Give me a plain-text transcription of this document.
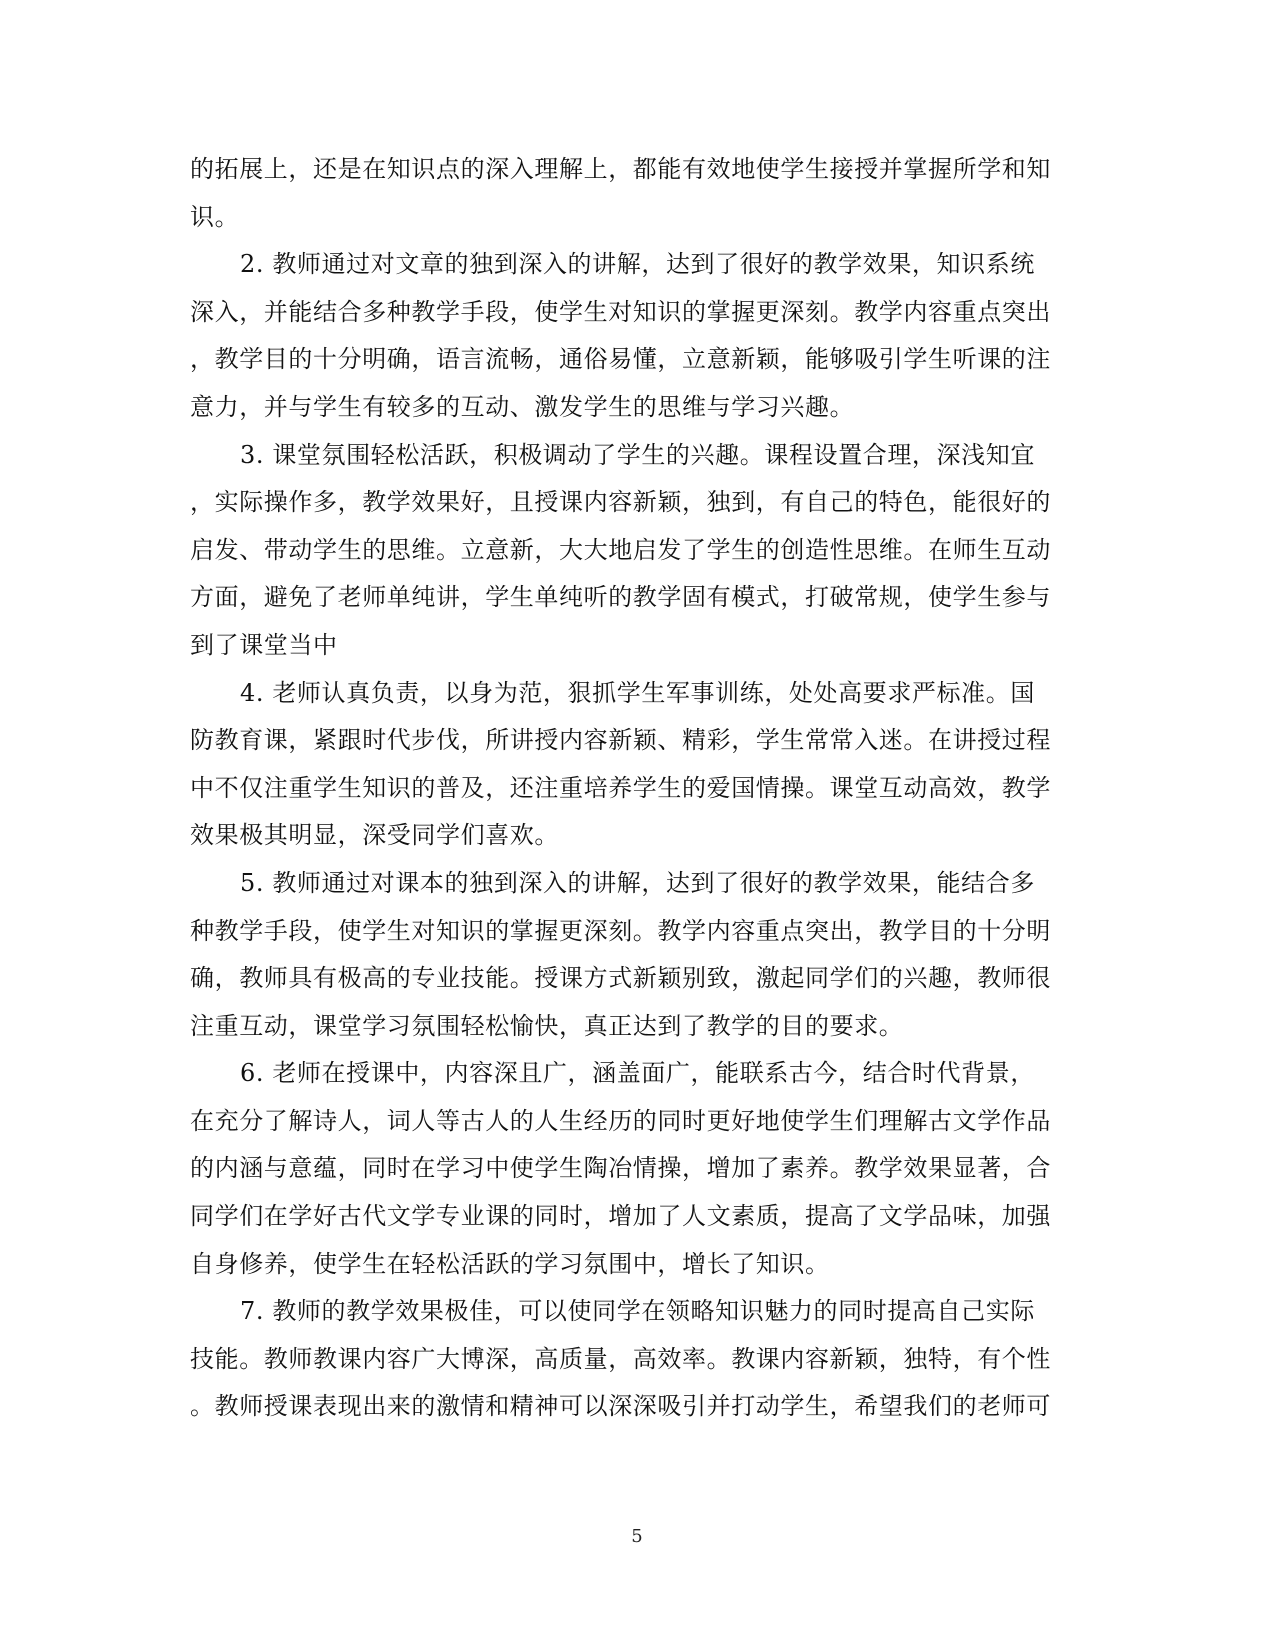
的拓展上，还是在知识点的深入理解上，都能有效地使学生接授并掌握所学和知
识。
2. 教师通过对文章的独到深入的讲解，达到了很好的教学效果，知识系统
深入，并能结合多种教学手段，使学生对知识的掌握更深刻。教学内容重点突出
，教学目的十分明确，语言流畅，通俗易懂，立意新颖，能够吸引学生听课的注
意力，并与学生有较多的互动、激发学生的思维与学习兴趣。
3. 课堂氛围轻松活跃，积极调动了学生的兴趣。课程设置合理，深浅知宜
，实际操作多，教学效果好，且授课内容新颖，独到，有自己的特色，能很好的
启发、带动学生的思维。立意新，大大地启发了学生的创造性思维。在师生互动
方面，避免了老师单纯讲，学生单纯听的教学固有模式，打破常规，使学生参与
到了课堂当中
4. 老师认真负责，以身为范，狠抓学生军事训练，处处高要求严标准。国
防教育课，紧跟时代步伐，所讲授内容新颖、精彩，学生常常入迷。在讲授过程
中不仅注重学生知识的普及，还注重培养学生的爱国情操。课堂互动高效，教学
效果极其明显，深受同学们喜欢。
5. 教师通过对课本的独到深入的讲解，达到了很好的教学效果，能结合多
种教学手段，使学生对知识的掌握更深刻。教学内容重点突出，教学目的十分明
确，教师具有极高的专业技能。授课方式新颖别致，激起同学们的兴趣，教师很
注重互动，课堂学习氛围轻松愉快，真正达到了教学的目的要求。
6. 老师在授课中，内容深且广，涵盖面广，能联系古今，结合时代背景，
在充分了解诗人，词人等古人的人生经历的同时更好地使学生们理解古文学作品
的内涵与意蕴，同时在学习中使学生陶冶情操，增加了素养。教学效果显著，合
同学们在学好古代文学专业课的同时，增加了人文素质，提高了文学品味，加强
自身修养，使学生在轻松活跃的学习氛围中，增长了知识。
7. 教师的教学效果极佳，可以使同学在领略知识魅力的同时提高自己实际
技能。教师教课内容广大博深，高质量，高效率。教课内容新颖，独特，有个性
。教师授课表现出来的激情和精神可以深深吸引并打动学生，希望我们的老师可
5
